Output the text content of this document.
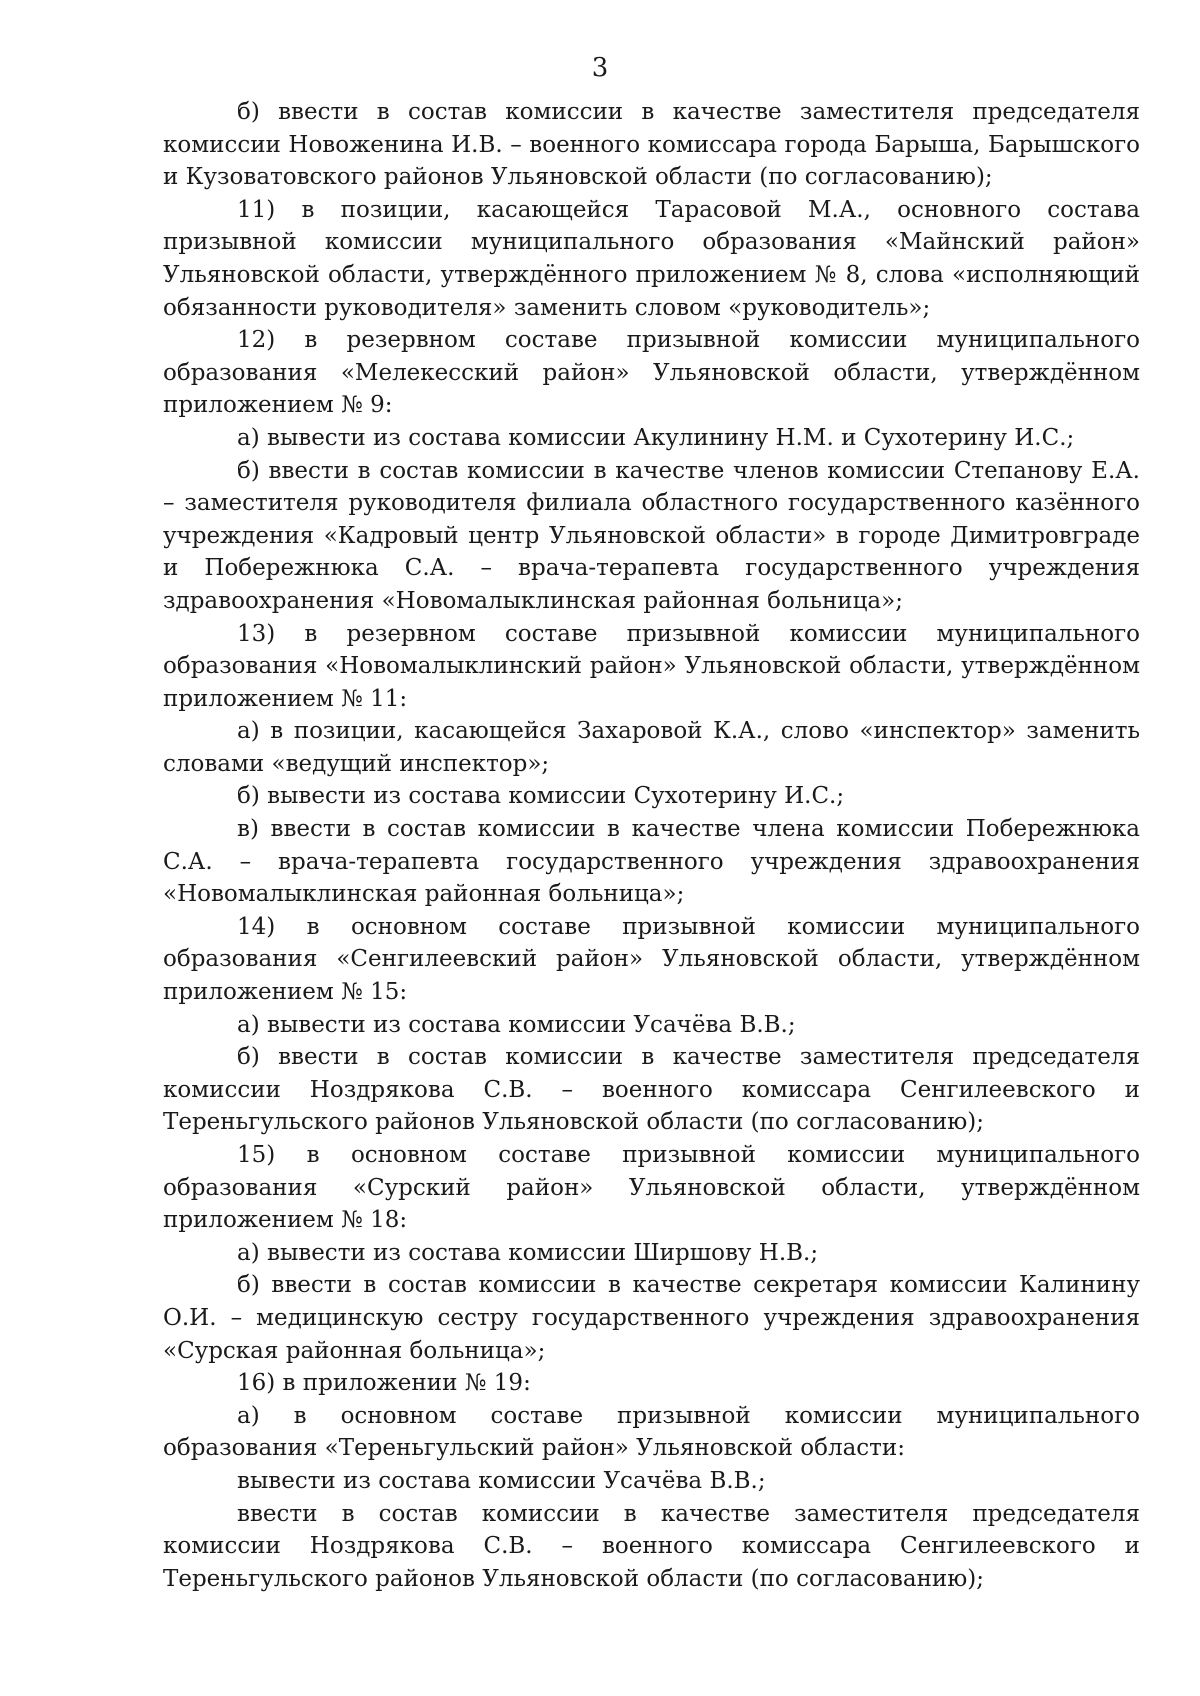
3

б) ввести в состав комиссии в качестве заместителя председателя комиссии Новоженина И.В. – военного комиссара города Барыша, Барышского и Кузоватовского районов Ульяновской области (по согласованию);

11) в позиции, касающейся Тарасовой М.А., основного состава призывной комиссии муниципального образования «Майнский район» Ульяновской области, утверждённого приложением № 8, слова «исполняющий обязанности руководителя» заменить словом «руководитель»;

12) в резервном составе призывной комиссии муниципального образования «Мелекесский район» Ульяновской области, утверждённом приложением № 9:

а) вывести из состава комиссии Акулинину Н.М. и Сухотерину И.С.;

б) ввести в состав комиссии в качестве членов комиссии Степанову Е.А. – заместителя руководителя филиала областного государственного казённого учреждения «Кадровый центр Ульяновской области» в городе Димитровграде и Побережнюка С.А. – врача-терапевта государственного учреждения здравоохранения «Новомалыклинская районная больница»;

13) в резервном составе призывной комиссии муниципального образования «Новомалыклинский район» Ульяновской области, утверждённом приложением № 11:

а) в позиции, касающейся Захаровой К.А., слово «инспектор» заменить словами «ведущий инспектор»;

б) вывести из состава комиссии Сухотерину И.С.;

в) ввести в состав комиссии в качестве члена комиссии Побережнюка С.А. – врача-терапевта государственного учреждения здравоохранения «Новомалыклинская районная больница»;

14) в основном составе призывной комиссии муниципального образования «Сенгилеевский район» Ульяновской области, утверждённом приложением № 15:

а) вывести из состава комиссии Усачёва В.В.;

б) ввести в состав комиссии в качестве заместителя председателя комиссии Ноздрякова С.В. – военного комиссара Сенгилеевского и Тереньгульского районов Ульяновской области (по согласованию);

15) в основном составе призывной комиссии муниципального образования «Сурский район» Ульяновской области, утверждённом приложением № 18:

а) вывести из состава комиссии Ширшову Н.В.;

б) ввести в состав комиссии в качестве секретаря комиссии Калинину О.И. – медицинскую сестру государственного учреждения здравоохранения «Сурская районная больница»;

16) в приложении № 19:

а) в основном составе призывной комиссии муниципального образования «Тереньгульский район» Ульяновской области:

вывести из состава комиссии Усачёва В.В.;

ввести в состав комиссии в качестве заместителя председателя комиссии Ноздрякова С.В. – военного комиссара Сенгилеевского и Тереньгульского районов Ульяновской области (по согласованию);
